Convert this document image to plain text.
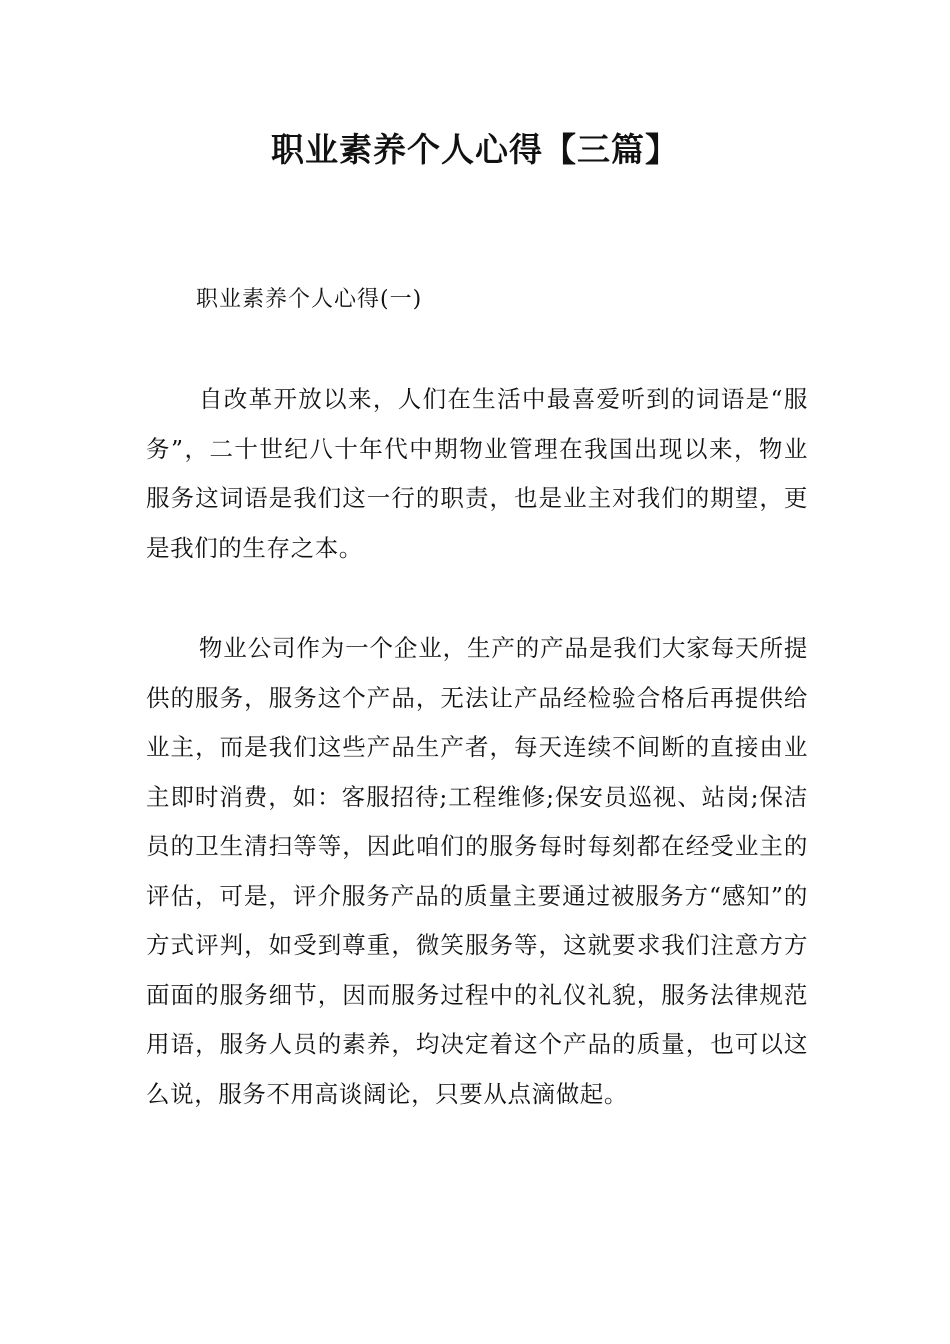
职业素养个人心得【三篇】
职业素养个人心得(一)

自改革开放以来，人们在生活中最喜爱听到的词语是“服务”，二十世纪八十年代中期物业管理在我国出现以来，物业服务这词语是我们这一行的职责，也是业主对我们的期望，更是我们的生存之本。

物业公司作为一个企业，生产的产品是我们大家每天所提供的服务，服务这个产品，无法让产品经检验合格后再提供给业主，而是我们这些产品生产者，每天连续不间断的直接由业主即时消费，如：客服招待;工程维修;保安员巡视、站岗;保洁员的卫生清扫等等，因此咱们的服务每时每刻都在经受业主的评估，可是，评介服务产品的质量主要通过被服务方“感知”的方式评判，如受到尊重，微笑服务等，这就要求我们注意方方面面的服务细节，因而服务过程中的礼仪礼貌，服务法律规范用语，服务人员的素养，均决定着这个产品的质量，也可以这么说，服务不用高谈阔论，只要从点滴做起。
